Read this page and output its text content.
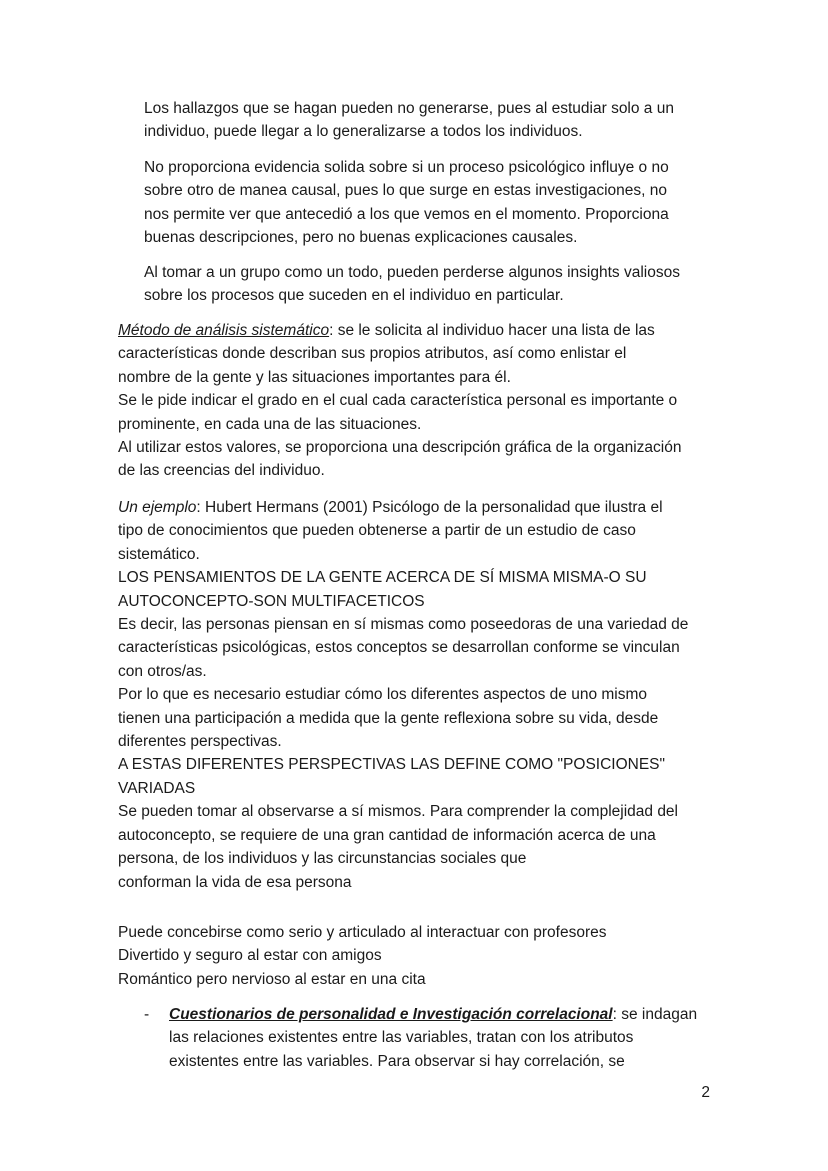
Los hallazgos que se hagan pueden no generarse, pues al estudiar solo a un
individuo, puede llegar a lo generalizarse a todos los individuos.

No proporciona evidencia solida sobre si un proceso psicológico influye o no
sobre otro de manea causal, pues lo que surge en estas investigaciones, no
nos permite ver que antecedió a los que vemos en el momento. Proporciona
buenas descripciones, pero no buenas explicaciones causales.

Al tomar a un grupo como un todo, pueden perderse algunos insights valiosos
sobre los procesos que suceden en el individuo en particular.

Método de análisis sistemático: se le solicita al individuo hacer una lista de las
características donde describan sus propios atributos, así como enlistar el
nombre de la gente y las situaciones importantes para él.
Se le pide indicar el grado en el cual cada característica personal es importante o
prominente, en cada una de las situaciones.
Al utilizar estos valores, se proporciona una descripción gráfica de la organización
de las creencias del individuo.

Un ejemplo: Hubert Hermans (2001) Psicólogo de la personalidad que ilustra el
tipo de conocimientos que pueden obtenerse a partir de un estudio de caso
sistemático.
LOS PENSAMIENTOS DE LA GENTE ACERCA DE SÍ MISMA MISMA-O SU
AUTOCONCEPTO-SON MULTIFACETICOS
Es decir, las personas piensan en sí mismas como poseedoras de una variedad de
características psicológicas, estos conceptos se desarrollan conforme se vinculan
con otros/as.
Por lo que es necesario estudiar cómo los diferentes aspectos de uno mismo
tienen una participación a medida que la gente reflexiona sobre su vida, desde
diferentes perspectivas.
A ESTAS DIFERENTES PERSPECTIVAS LAS DEFINE COMO "POSICIONES"
VARIADAS
Se pueden tomar al observarse a sí mismos. Para comprender la complejidad del
autoconcepto, se requiere de una gran cantidad de información acerca de una
persona, de los individuos y las circunstancias sociales que
conforman la vida de esa persona

Puede concebirse como serio y articulado al interactuar con profesores
Divertido y seguro al estar con amigos
Romántico pero nervioso al estar en una cita

- Cuestionarios de personalidad e Investigación correlacional: se indagan
las relaciones existentes entre las variables, tratan con los atributos
existentes entre las variables. Para observar si hay correlación, se

2
